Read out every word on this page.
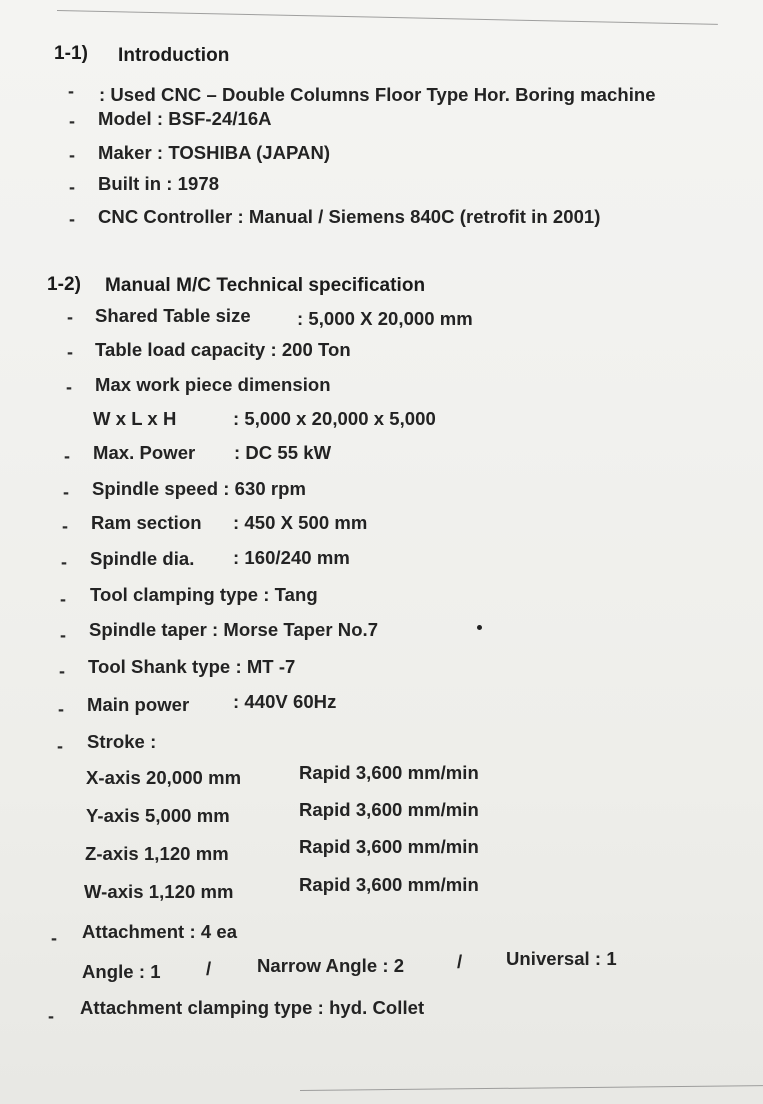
1-1) Introduction
- : Used CNC – Double Columns Floor Type Hor. Boring machine
- Model : BSF-24/16A
- Maker : TOSHIBA (JAPAN)
- Built in : 1978
- CNC Controller : Manual / Siemens 840C (retrofit in 2001)
1-2) Manual M/C Technical specification
- Shared Table size : 5,000 X 20,000 mm
- Table load capacity : 200 Ton
- Max work piece dimension
W x L x H	: 5,000 x 20,000 x 5,000
- Max. Power : DC 55 kW
- Spindle speed : 630 rpm
- Ram section : 450 X 500 mm
- Spindle dia. : 160/240 mm
- Tool clamping type : Tang
- Spindle taper : Morse Taper No.7
- Tool Shank type : MT -7
- Main power : 440V 60Hz
- Stroke :
X-axis 20,000 mm	Rapid 3,600 mm/min
Y-axis 5,000 mm	Rapid 3,600 mm/min
Z-axis 1,120 mm	Rapid 3,600 mm/min
W-axis 1,120 mm	Rapid 3,600 mm/min
- Attachment : 4 ea
Angle : 1 / Narrow Angle : 2	/ Universal : 1
- Attachment clamping type : hyd. Collet
